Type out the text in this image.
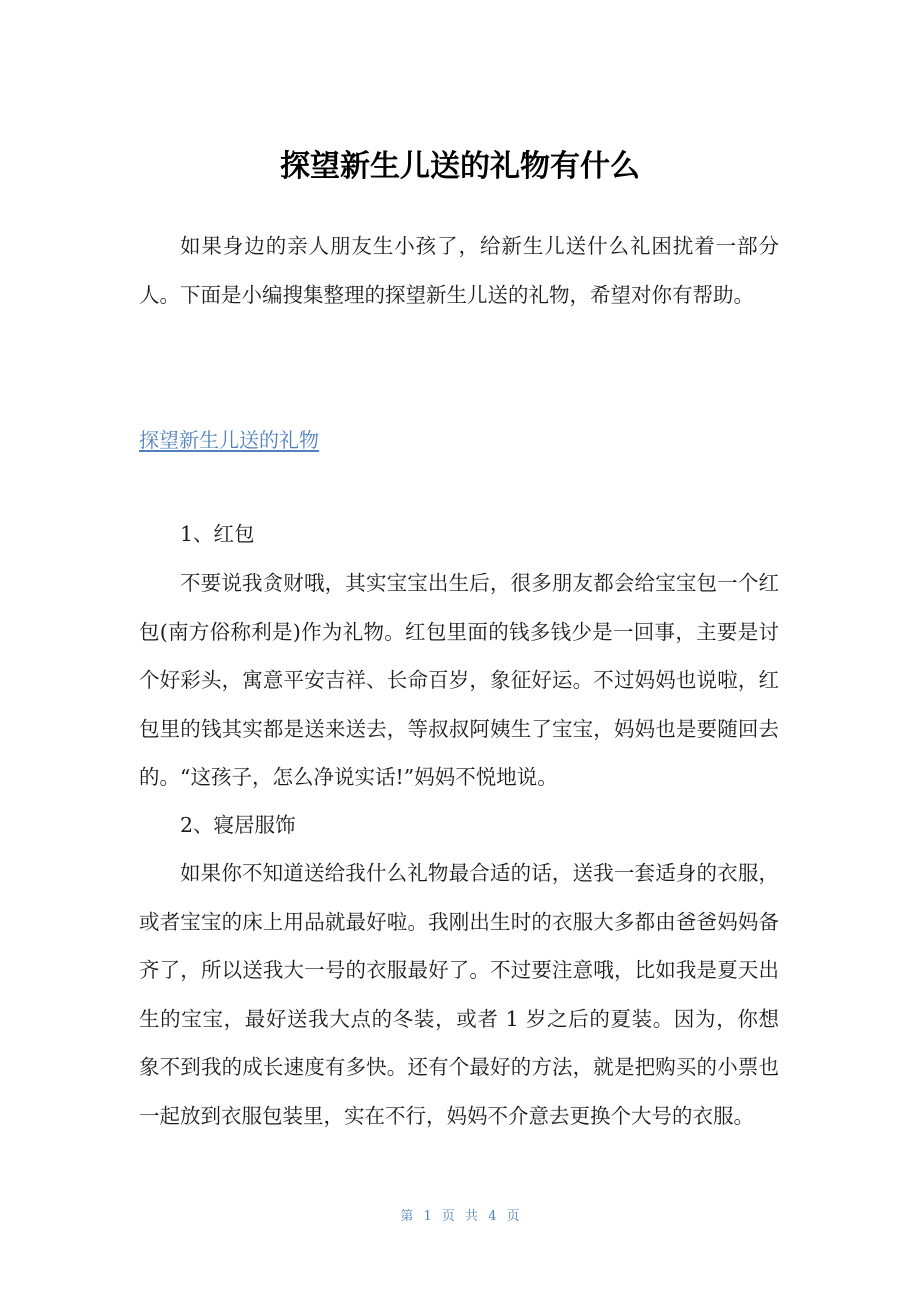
探望新生儿送的礼物有什么

如果身边的亲人朋友生小孩了，给新生儿送什么礼困扰着一部分人。下面是小编搜集整理的探望新生儿送的礼物，希望对你有帮助。

探望新生儿送的礼物

1、红包

不要说我贪财哦，其实宝宝出生后，很多朋友都会给宝宝包一个红包(南方俗称利是)作为礼物。红包里面的钱多钱少是一回事，主要是讨个好彩头，寓意平安吉祥、长命百岁，象征好运。不过妈妈也说啦，红包里的钱其实都是送来送去，等叔叔阿姨生了宝宝，妈妈也是要随回去的。“这孩子，怎么净说实话!”妈妈不悦地说。

2、寝居服饰

如果你不知道送给我什么礼物最合适的话，送我一套适身的衣服，或者宝宝的床上用品就最好啦。我刚出生时的衣服大多都由爸爸妈妈备齐了，所以送我大一号的衣服最好了。不过要注意哦，比如我是夏天出生的宝宝，最好送我大点的冬装，或者 1 岁之后的夏装。因为，你想象不到我的成长速度有多快。还有个最好的方法，就是把购买的小票也一起放到衣服包装里，实在不行，妈妈不介意去更换个大号的衣服。

第 1 页 共 4 页
